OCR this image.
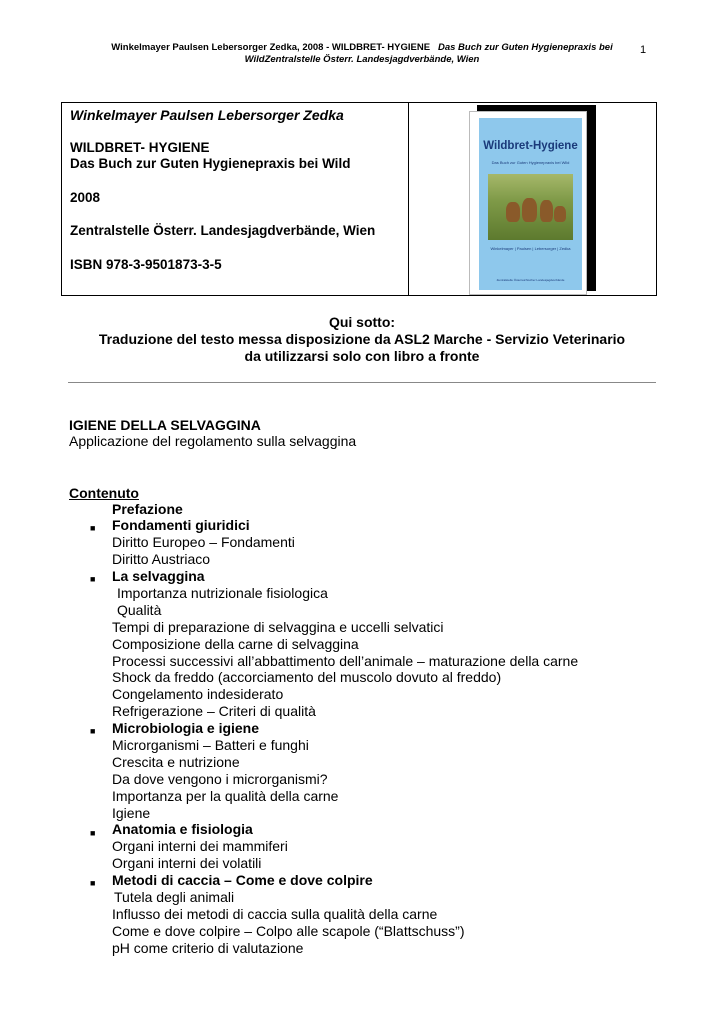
Winkelmayer Paulsen Lebersorger Zedka, 2008 - WILDBRET- HYGIENE Das Buch zur Guten Hygienepraxis bei
WildZentralstelle Österr. Landesjagdverbände, Wien
1

Winkelmayer Paulsen Lebersorger Zedka

WILDBRET- HYGIENE
Das Buch zur Guten Hygienepraxis bei Wild

2008

Zentralstelle Österr. Landesjagdverbände, Wien

ISBN 978-3-9501873-3-5

Wildbret-Hygiene
Das Buch zur Guten Hygienepraxis bei Wild
Winkelmayer | Paulsen | Lebersorger | Zedka
Zentralstelle Österreichischer Landesjagdverbände
Qui sotto:
Traduzione del testo messa disposizione da ASL2 Marche - Servizio Veterinario
da utilizzarsi solo con libro a fronte
IGIENE DELLA SELVAGGINA
Applicazione del regolamento sulla selvaggina
Contenuto
Prefazione
■ Fondamenti giuridici
Diritto Europeo – Fondamenti
Diritto Austriaco
■ La selvaggina
Importanza nutrizionale fisiologica
Qualità
Tempi di preparazione di selvaggina e uccelli selvatici
Composizione della carne di selvaggina
Processi successivi all’abbattimento dell’animale – maturazione della carne
Shock da freddo (accorciamento del muscolo dovuto al freddo)
Congelamento indesiderato
Refrigerazione – Criteri di qualità
■ Microbiologia e igiene
Microrganismi – Batteri e funghi
Crescita e nutrizione
Da dove vengono i microrganismi?
Importanza per la qualità della carne
Igiene
■ Anatomia e fisiologia
Organi interni dei mammiferi
Organi interni dei volatili
■ Metodi di caccia – Come e dove colpire
Tutela degli animali
Influsso dei metodi di caccia sulla qualità della carne
Come e dove colpire – Colpo alle scapole (“Blattschuss”)
pH come criterio di valutazione
